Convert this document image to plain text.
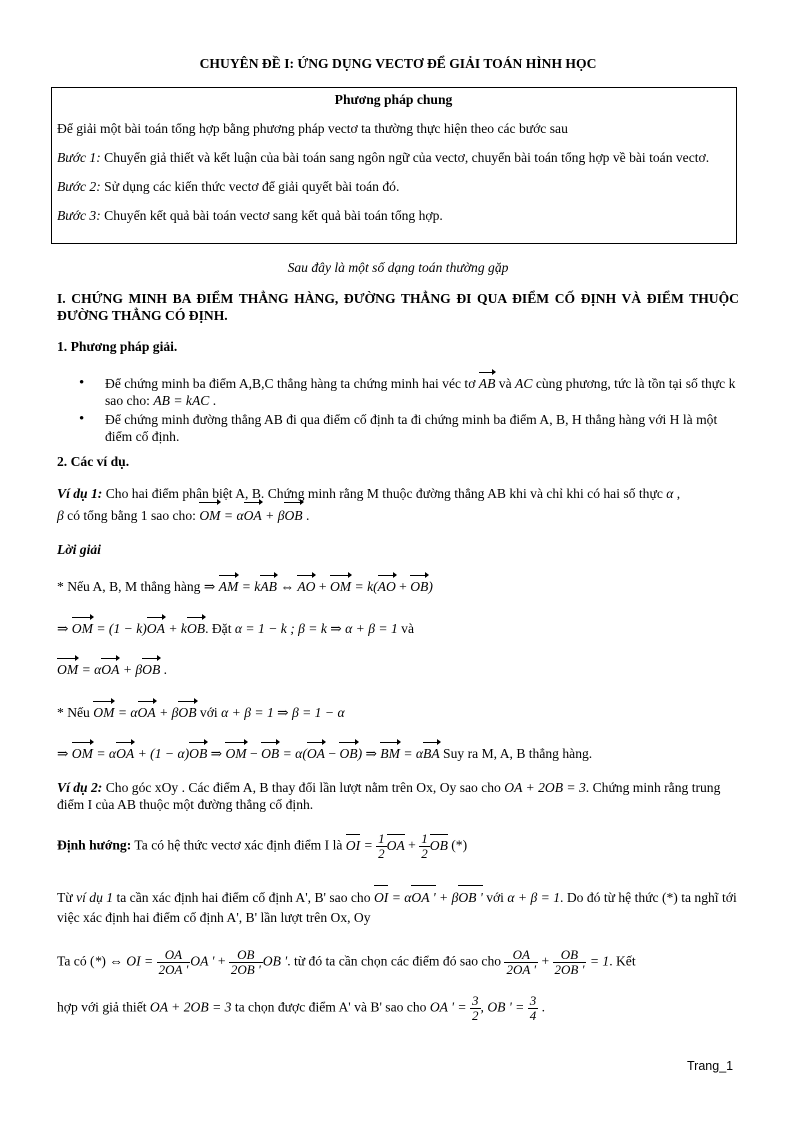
CHUYÊN ĐỀ I: ỨNG DỤNG VECTƠ ĐỂ GIẢI TOÁN HÌNH HỌC

Phương pháp chung

Để giải một bài toán tổng hợp bằng phương pháp vectơ ta thường thực hiện theo các bước sau

Bước 1: Chuyển giả thiết và kết luận của bài toán sang ngôn ngữ của vectơ, chuyển bài toán tổng hợp về bài toán vectơ.

Bước 2: Sử dụng các kiến thức vectơ để giải quyết bài toán đó.

Bước 3: Chuyển kết quả bài toán vectơ sang kết quả bài toán tổng hợp.

Sau đây là một số dạng toán thường gặp
I. CHỨNG MINH BA ĐIỂM THẲNG HÀNG, ĐƯỜNG THẲNG ĐI QUA ĐIỂM CỐ ĐỊNH VÀ ĐIỂM THUỘC ĐƯỜNG THẲNG CÓ ĐỊNH.
1. Phương pháp giải.
• Để chứng minh ba điểm A,B,C thẳng hàng ta chứng minh hai véc tơ AB và AC cùng phương, tức là tồn tại số thực k sao cho: AB = kAC .
• Để chứng minh đường thẳng AB đi qua điểm cố định ta đi chứng minh ba điểm A, B, H thẳng hàng với H là một điểm cố định.
2. Các ví dụ.
Ví dụ 1: Cho hai điểm phân biệt A, B. Chứng minh rằng M thuộc đường thẳng AB khi và chỉ khi có hai số thực α ,
β có tổng bằng 1 sao cho: OM = αOA + βOB .
Lời giải
* Nếu A, B, M thẳng hàng ⇒ AM = kAB ⇔ AO + OM = k(AO + OB)
⇒ OM = (1 − k)OA + kOB. Đặt α = 1 − k ; β = k ⇒ α + β = 1 và
OM = αOA + βOB .
* Nếu OM = αOA + βOB với α + β = 1 ⇒ β = 1 − α
⇒ OM = αOA + (1 − α)OB ⇒ OM − OB = α(OA − OB) ⇒ BM = αBA Suy ra M, A, B thẳng hàng.
Ví dụ 2: Cho góc xOy . Các điểm A, B thay đổi lần lượt nằm trên Ox, Oy sao cho OA + 2OB = 3. Chứng minh rằng trung điểm I của AB thuộc một đường thẳng cố định.
Định hướng: Ta có hệ thức vectơ xác định điểm I là OI = $\frac{1}{2}$ OA + $\frac{1}{2}$ OB (*)
Từ ví dụ 1 ta cần xác định hai điểm cố định A', B' sao cho OI = αOA ' + βOB ' với α + β = 1. Do đó từ hệ thức (*) ta nghĩ tới việc xác định hai điểm cố định A', B' lần lượt trên Ox, Oy
Ta có (*) ⇔ OI = $\frac{OA}{2OA '}$ OA ' + $\frac{OB}{2OB '}$ OB '. từ đó ta cần chọn các điểm đó sao cho $\frac{OA}{2OA '} + \frac{OB}{2OB '} = 1$. Kết
hợp với giả thiết OA + 2OB = 3 ta chọn được điểm A' và B' sao cho OA ' = $\frac{3}{2}$ , OB ' = $\frac{3}{4}$ .
Trang_1
